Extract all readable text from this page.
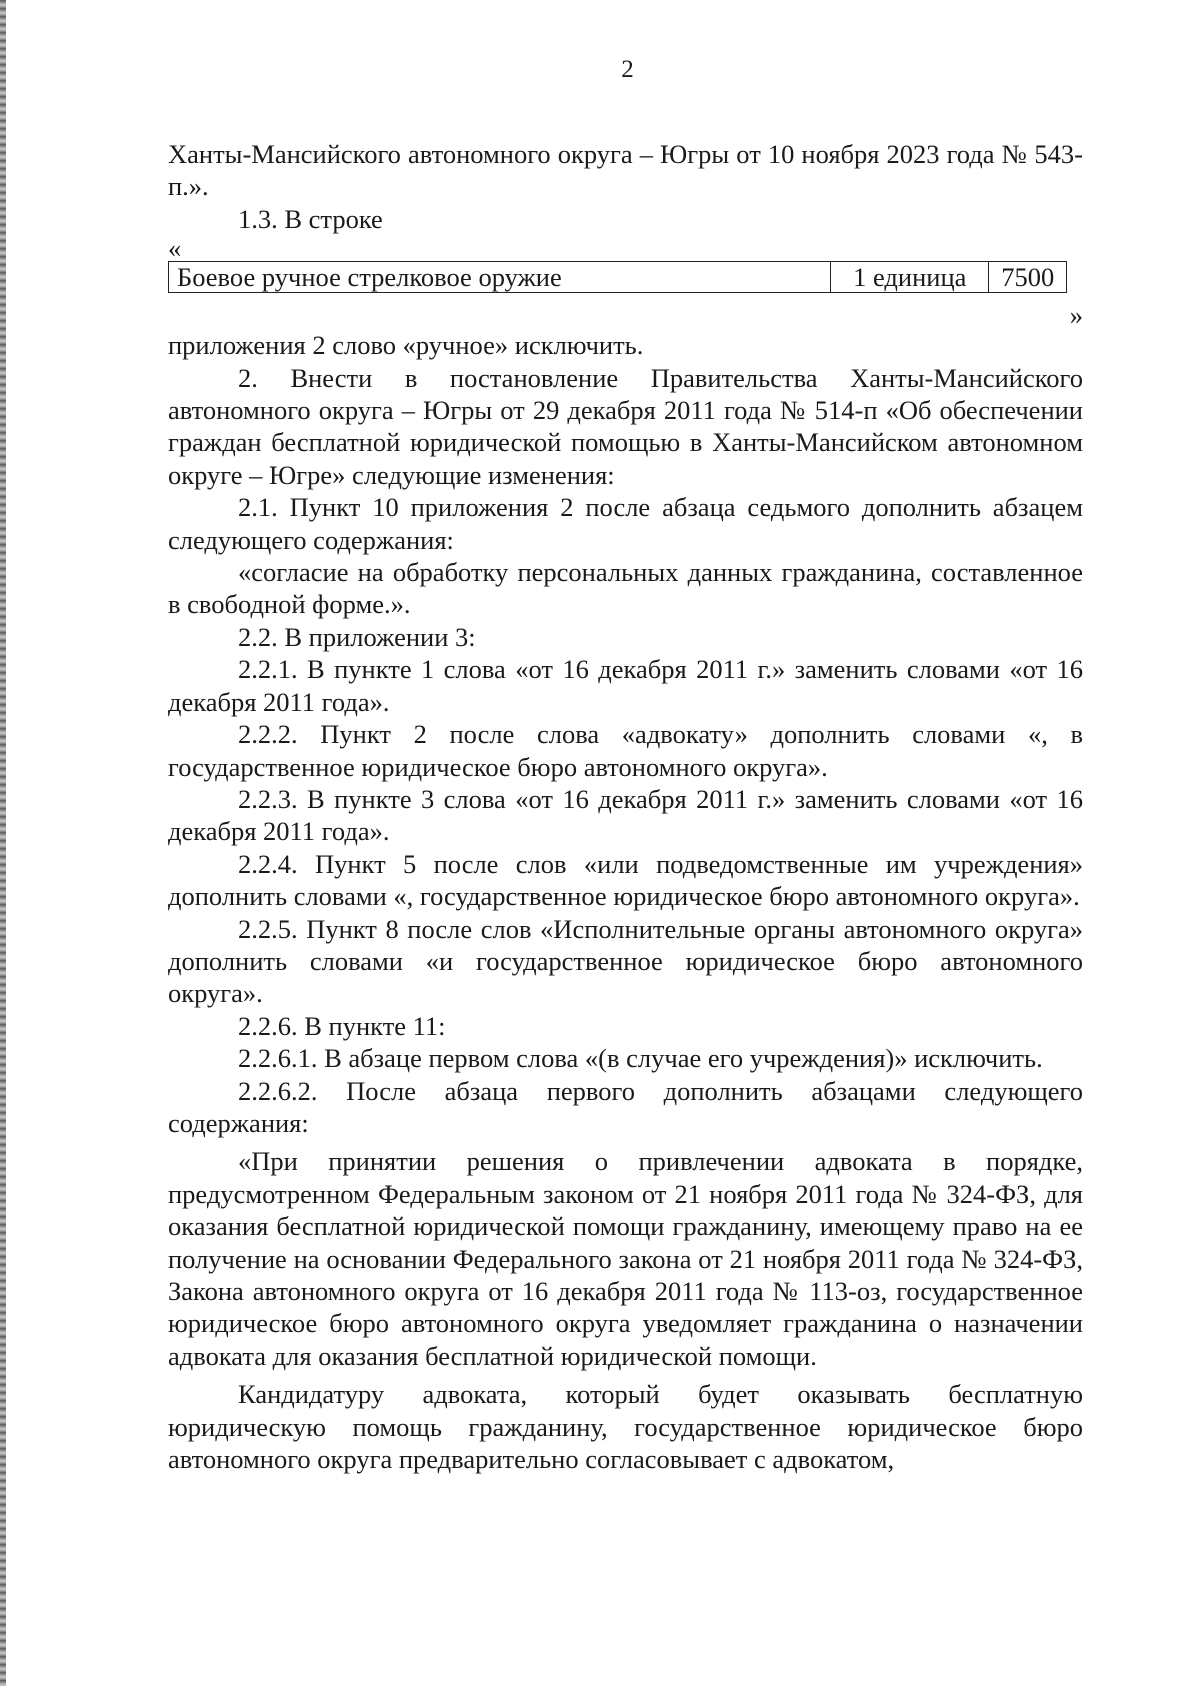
2

Ханты-Мансийского автономного округа – Югры от 10 ноября 2023 года № 543-п.».

1.3. В строке

«

Боевое ручное стрелковое оружие	1 единица	7500

»

приложения 2 слово «ручное» исключить.

2. Внести в постановление Правительства Ханты-Мансийского автономного округа – Югры от 29 декабря 2011 года № 514-п «Об обеспечении граждан бесплатной юридической помощью в Ханты-Мансийском автономном округе – Югре» следующие изменения:

2.1. Пункт 10 приложения 2 после абзаца седьмого дополнить абзацем следующего содержания:

«согласие на обработку персональных данных гражданина, составленное в свободной форме.».

2.2. В приложении 3:

2.2.1. В пункте 1 слова «от 16 декабря 2011 г.» заменить словами «от 16 декабря 2011 года».

2.2.2. Пункт 2 после слова «адвокату» дополнить словами «, в государственное юридическое бюро автономного округа».

2.2.3. В пункте 3 слова «от 16 декабря 2011 г.» заменить словами «от 16 декабря 2011 года».

2.2.4. Пункт 5 после слов «или подведомственные им учреждения» дополнить словами «, государственное юридическое бюро автономного округа».

2.2.5. Пункт 8 после слов «Исполнительные органы автономного округа» дополнить словами «и государственное юридическое бюро автономного округа».

2.2.6. В пункте 11:

2.2.6.1. В абзаце первом слова «(в случае его учреждения)» исключить.

2.2.6.2. После абзаца первого дополнить абзацами следующего содержания:

«При принятии решения о привлечении адвоката в порядке, предусмотренном Федеральным законом от 21 ноября 2011 года № 324-ФЗ, для оказания бесплатной юридической помощи гражданину, имеющему право на ее получение на основании Федерального закона от 21 ноября 2011 года № 324-ФЗ, Закона автономного округа от 16 декабря 2011 года № 113-оз, государственное юридическое бюро автономного округа уведомляет гражданина о назначении адвоката для оказания бесплатной юридической помощи.

Кандидатуру адвоката, который будет оказывать бесплатную юридическую помощь гражданину, государственное юридическое бюро автономного округа предварительно согласовывает с адвокатом,
